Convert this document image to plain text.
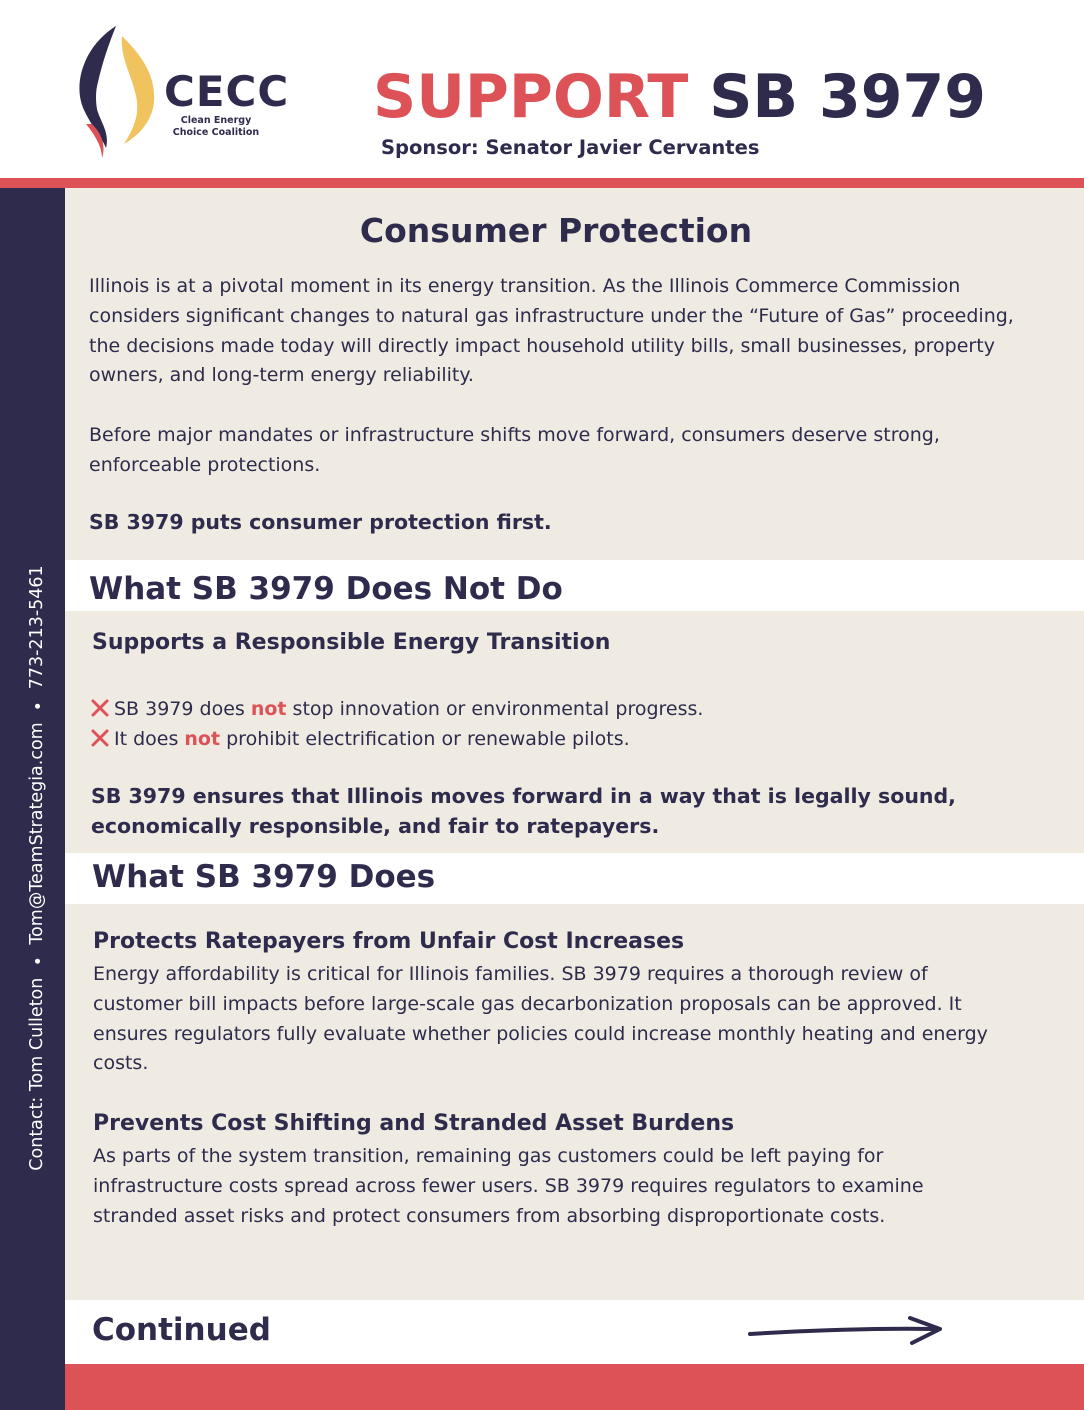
CECC
Clean Energy Choice Coalition
SUPPORT SB 3979
Sponsor: Senator Javier Cervantes
Contact: Tom CulletonTom@TeamStrategia.com773-213-5461
Consumer Protection

Illinois is at a pivotal moment in its energy transition. As the Illinois Commerce Commission considers significant changes to natural gas infrastructure under the “Future of Gas” proceeding, the decisions made today will directly impact household utility bills, small businesses, property owners, and long-term energy reliability.

Before major mandates or infrastructure shifts move forward, consumers deserve strong, enforceable protections.

SB 3979 puts consumer protection first.

What SB 3979 Does Not Do
Supports a Responsible Energy Transition
SB 3979 does not stop innovation or environmental progress.
It does not prohibit electrification or renewable pilots.

SB 3979 ensures that Illinois moves forward in a way that is legally sound, economically responsible, and fair to ratepayers.

What SB 3979 Does
Protects Ratepayers from Unfair Cost Increases

Energy affordability is critical for Illinois families. SB 3979 requires a thorough review of customer bill impacts before large-scale gas decarbonization proposals can be approved. It ensures regulators fully evaluate whether policies could increase monthly heating and energy costs.

Prevents Cost Shifting and Stranded Asset Burdens

As parts of the system transition, remaining gas customers could be left paying for infrastructure costs spread across fewer users. SB 3979 requires regulators to examine stranded asset risks and protect consumers from absorbing disproportionate costs.

Continued
